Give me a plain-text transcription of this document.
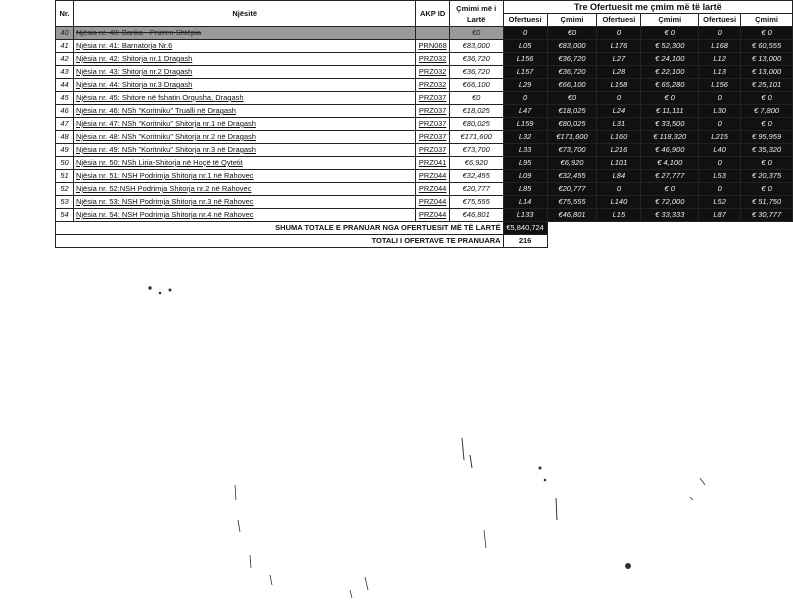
Nr.	Njësitë	AKP ID	Çmimi më i Lartë	Tre Ofertuesit me çmim më të lartë					
				Ofertuesi	Çmimi	Ofertuesi	Çmimi	Ofertuesi	Çmimi
40	Njësia nr. 40: Banka - Prizren Shtëpia		€0	0	€0	0	€ 0	0	€ 0
41	Njësia nr. 41: Barnatorja Nr.6	PRN068	€83,000	L05	€83,000	L176	€ 52,300	L168	€ 60,555
42	Njësia nr. 42: Shitorja nr.1 Dragash	PRZ032	€36,720	L156	€36,720	L27	€ 24,100	L12	€ 13,000
43	Njësia nr. 43: Shitorja nr.2 Dragash	PRZ032	€36,720	L157	€36,720	L28	€ 22,100	L13	€ 13,000
44	Njësia nr. 44: Shitorja nr.3 Dragash	PRZ032	€66,100	L29	€66,100	L158	€ 65,280	L156	€ 25,101
45	Njësia nr. 45: Shitore në fshatin Orqusha, Dragash	PRZ037	€0	0	€0	0	€ 0	0	€ 0
46	Njësia nr. 46: NSh "Koritniku" Trualli në Dragash	PRZ037	€18,025	L47	€18,025	L24	€ 11,111	L30	€ 7,800
47	Njësia nr. 47: NSh "Koritniku" Shitorja nr.1 në Dragash	PRZ037	€80,025	L159	€80,025	L31	€ 33,500	0	€ 0
48	Njësia nr. 48: NSh "Koritniku" Shitorja nr.2 në Dragash	PRZ037	€171,600	L32	€171,600	L160	€ 118,320	L215	€ 95,959
49	Njësia nr. 49: NSh "Koritniku" Shitorja nr.3 në Dragash	PRZ037	€73,700	L33	€73,700	L216	€ 46,900	L40	€ 35,320
50	Njësia nr. 50: NSh Liria-Shitorja në Hoçë të Qytetit	PRZ041	€6,920	L95	€6,920	L101	€ 4,100	0	€ 0
51	Njësia nr. 51: NSH Podrimja Shitorja nr.1 në Rahovec	PRZ044	€32,455	L09	€32,455	L84	€ 27,777	L53	€ 20,375
52	Njësia nr. 52:NSH Podrimja Shitorja nr.2 në Rahovec	PRZ044	€20,777	L85	€20,777	0	€ 0	0	€ 0
53	Njësia nr. 53: NSH Podrimja Shitorja nr.3 në Rahovec	PRZ044	€75,555	L14	€75,555	L140	€ 72,000	L52	€ 51,750
54	Njësia nr. 54: NSH Podrimja Shitorja nr.4 në Rahovec	PRZ044	€46,801	L133	€46,801	L15	€ 33,333	L87	€ 30,777
SHUMA TOTALE E PRANUAR NGA OFERTUESIT MË TË LARTË				€5,840,724					
TOTALI I OFERTAVE TE PRANUARA				216					
